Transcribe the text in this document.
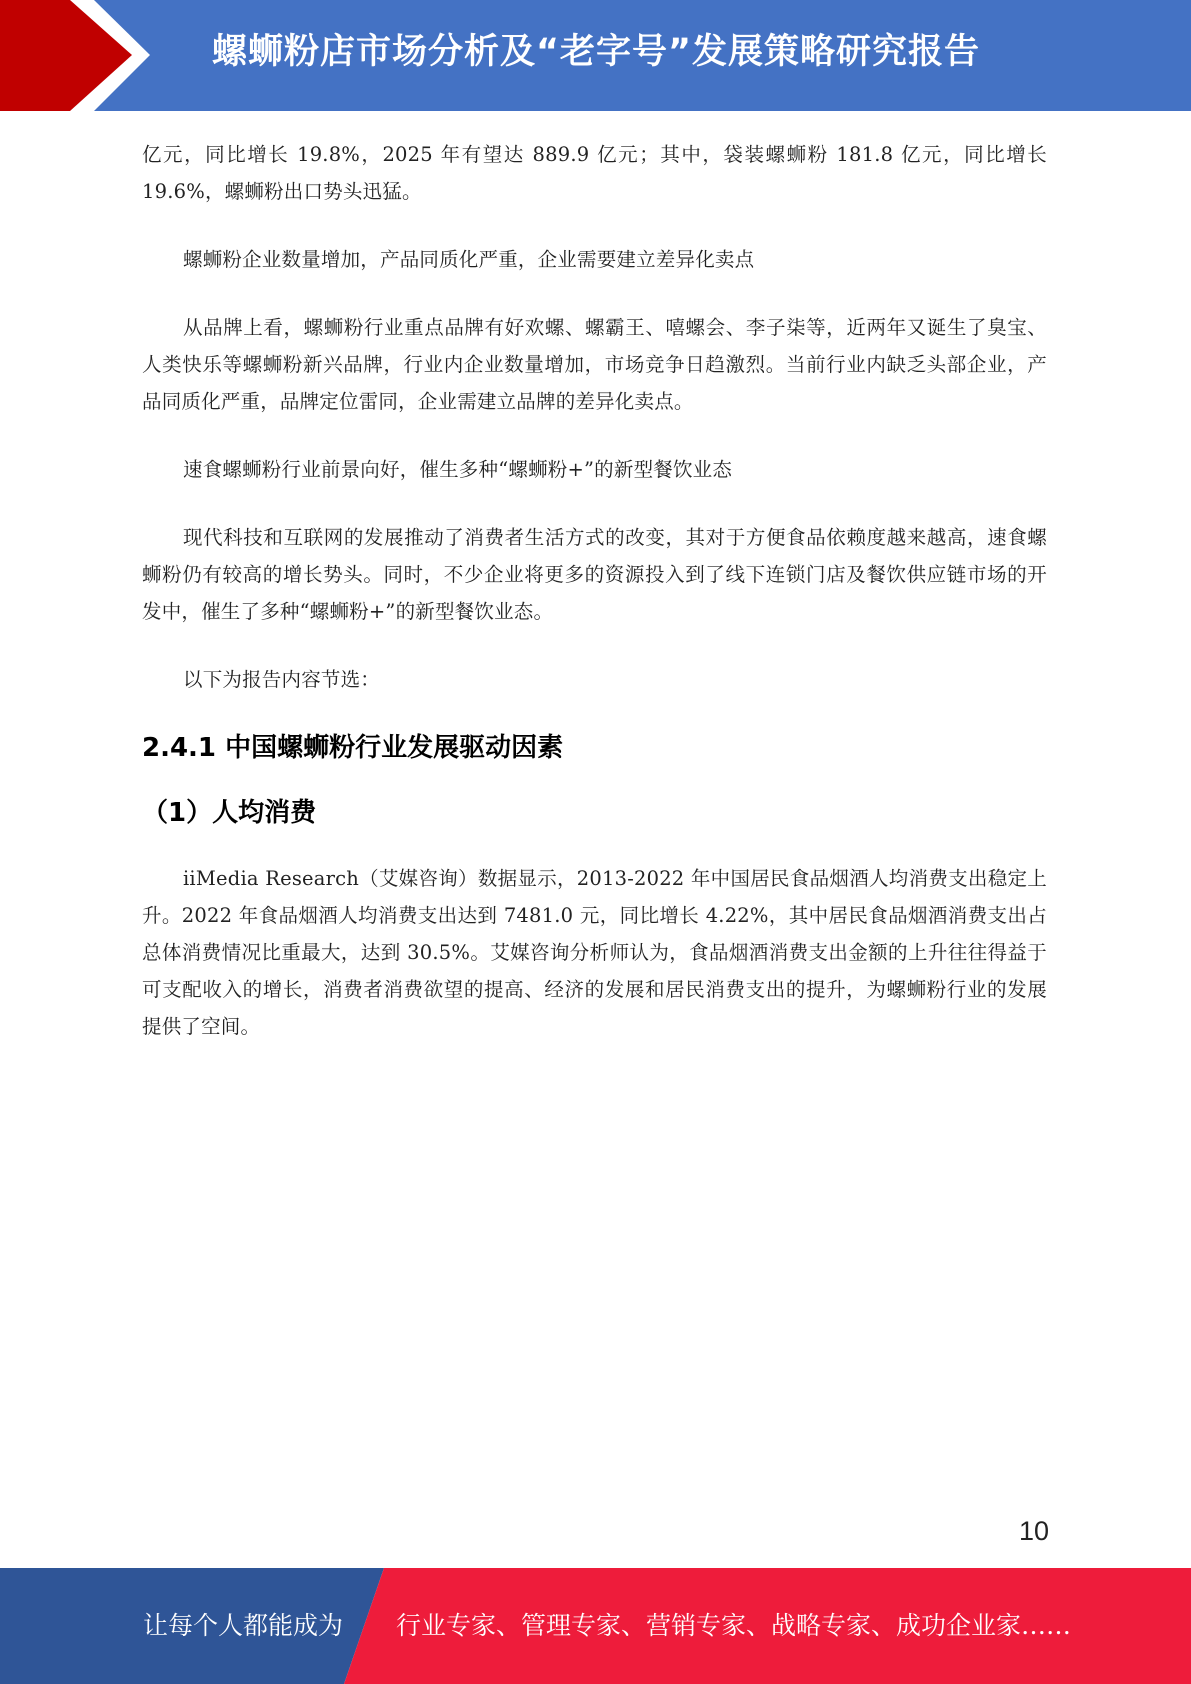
螺蛳粉店市场分析及“老字号”发展策略研究报告

亿元，同比增长 19.8%，2025 年有望达 889.9 亿元；其中，袋装螺蛳粉 181.8 亿元，同比增长 19.6%，螺蛳粉出口势头迅猛。

螺蛳粉企业数量增加，产品同质化严重，企业需要建立差异化卖点

从品牌上看，螺蛳粉行业重点品牌有好欢螺、螺霸王、嘻螺会、李子柒等，近两年又诞生了臭宝、人类快乐等螺蛳粉新兴品牌，行业内企业数量增加，市场竞争日趋激烈。当前行业内缺乏头部企业，产品同质化严重，品牌定位雷同，企业需建立品牌的差异化卖点。

速食螺蛳粉行业前景向好，催生多种“螺蛳粉+”的新型餐饮业态

现代科技和互联网的发展推动了消费者生活方式的改变，其对于方便食品依赖度越来越高，速食螺蛳粉仍有较高的增长势头。同时，不少企业将更多的资源投入到了线下连锁门店及餐饮供应链市场的开发中，催生了多种“螺蛳粉+”的新型餐饮业态。

以下为报告内容节选：

2.4.1 中国螺蛳粉行业发展驱动因素
（1）人均消费

iiMedia Research（艾媒咨询）数据显示，2013-2022 年中国居民食品烟酒人均消费支出稳定上升。2022 年食品烟酒人均消费支出达到 7481.0 元，同比增长 4.22%，其中居民食品烟酒消费支出占总体消费情况比重最大，达到 30.5%。艾媒咨询分析师认为，食品烟酒消费支出金额的上升往往得益于可支配收入的增长，消费者消费欲望的提高、经济的发展和居民消费支出的提升，为螺蛳粉行业的发展提供了空间。

10
让每个人都能成为 行业专家、管理专家、营销专家、战略专家、成功企业家……
